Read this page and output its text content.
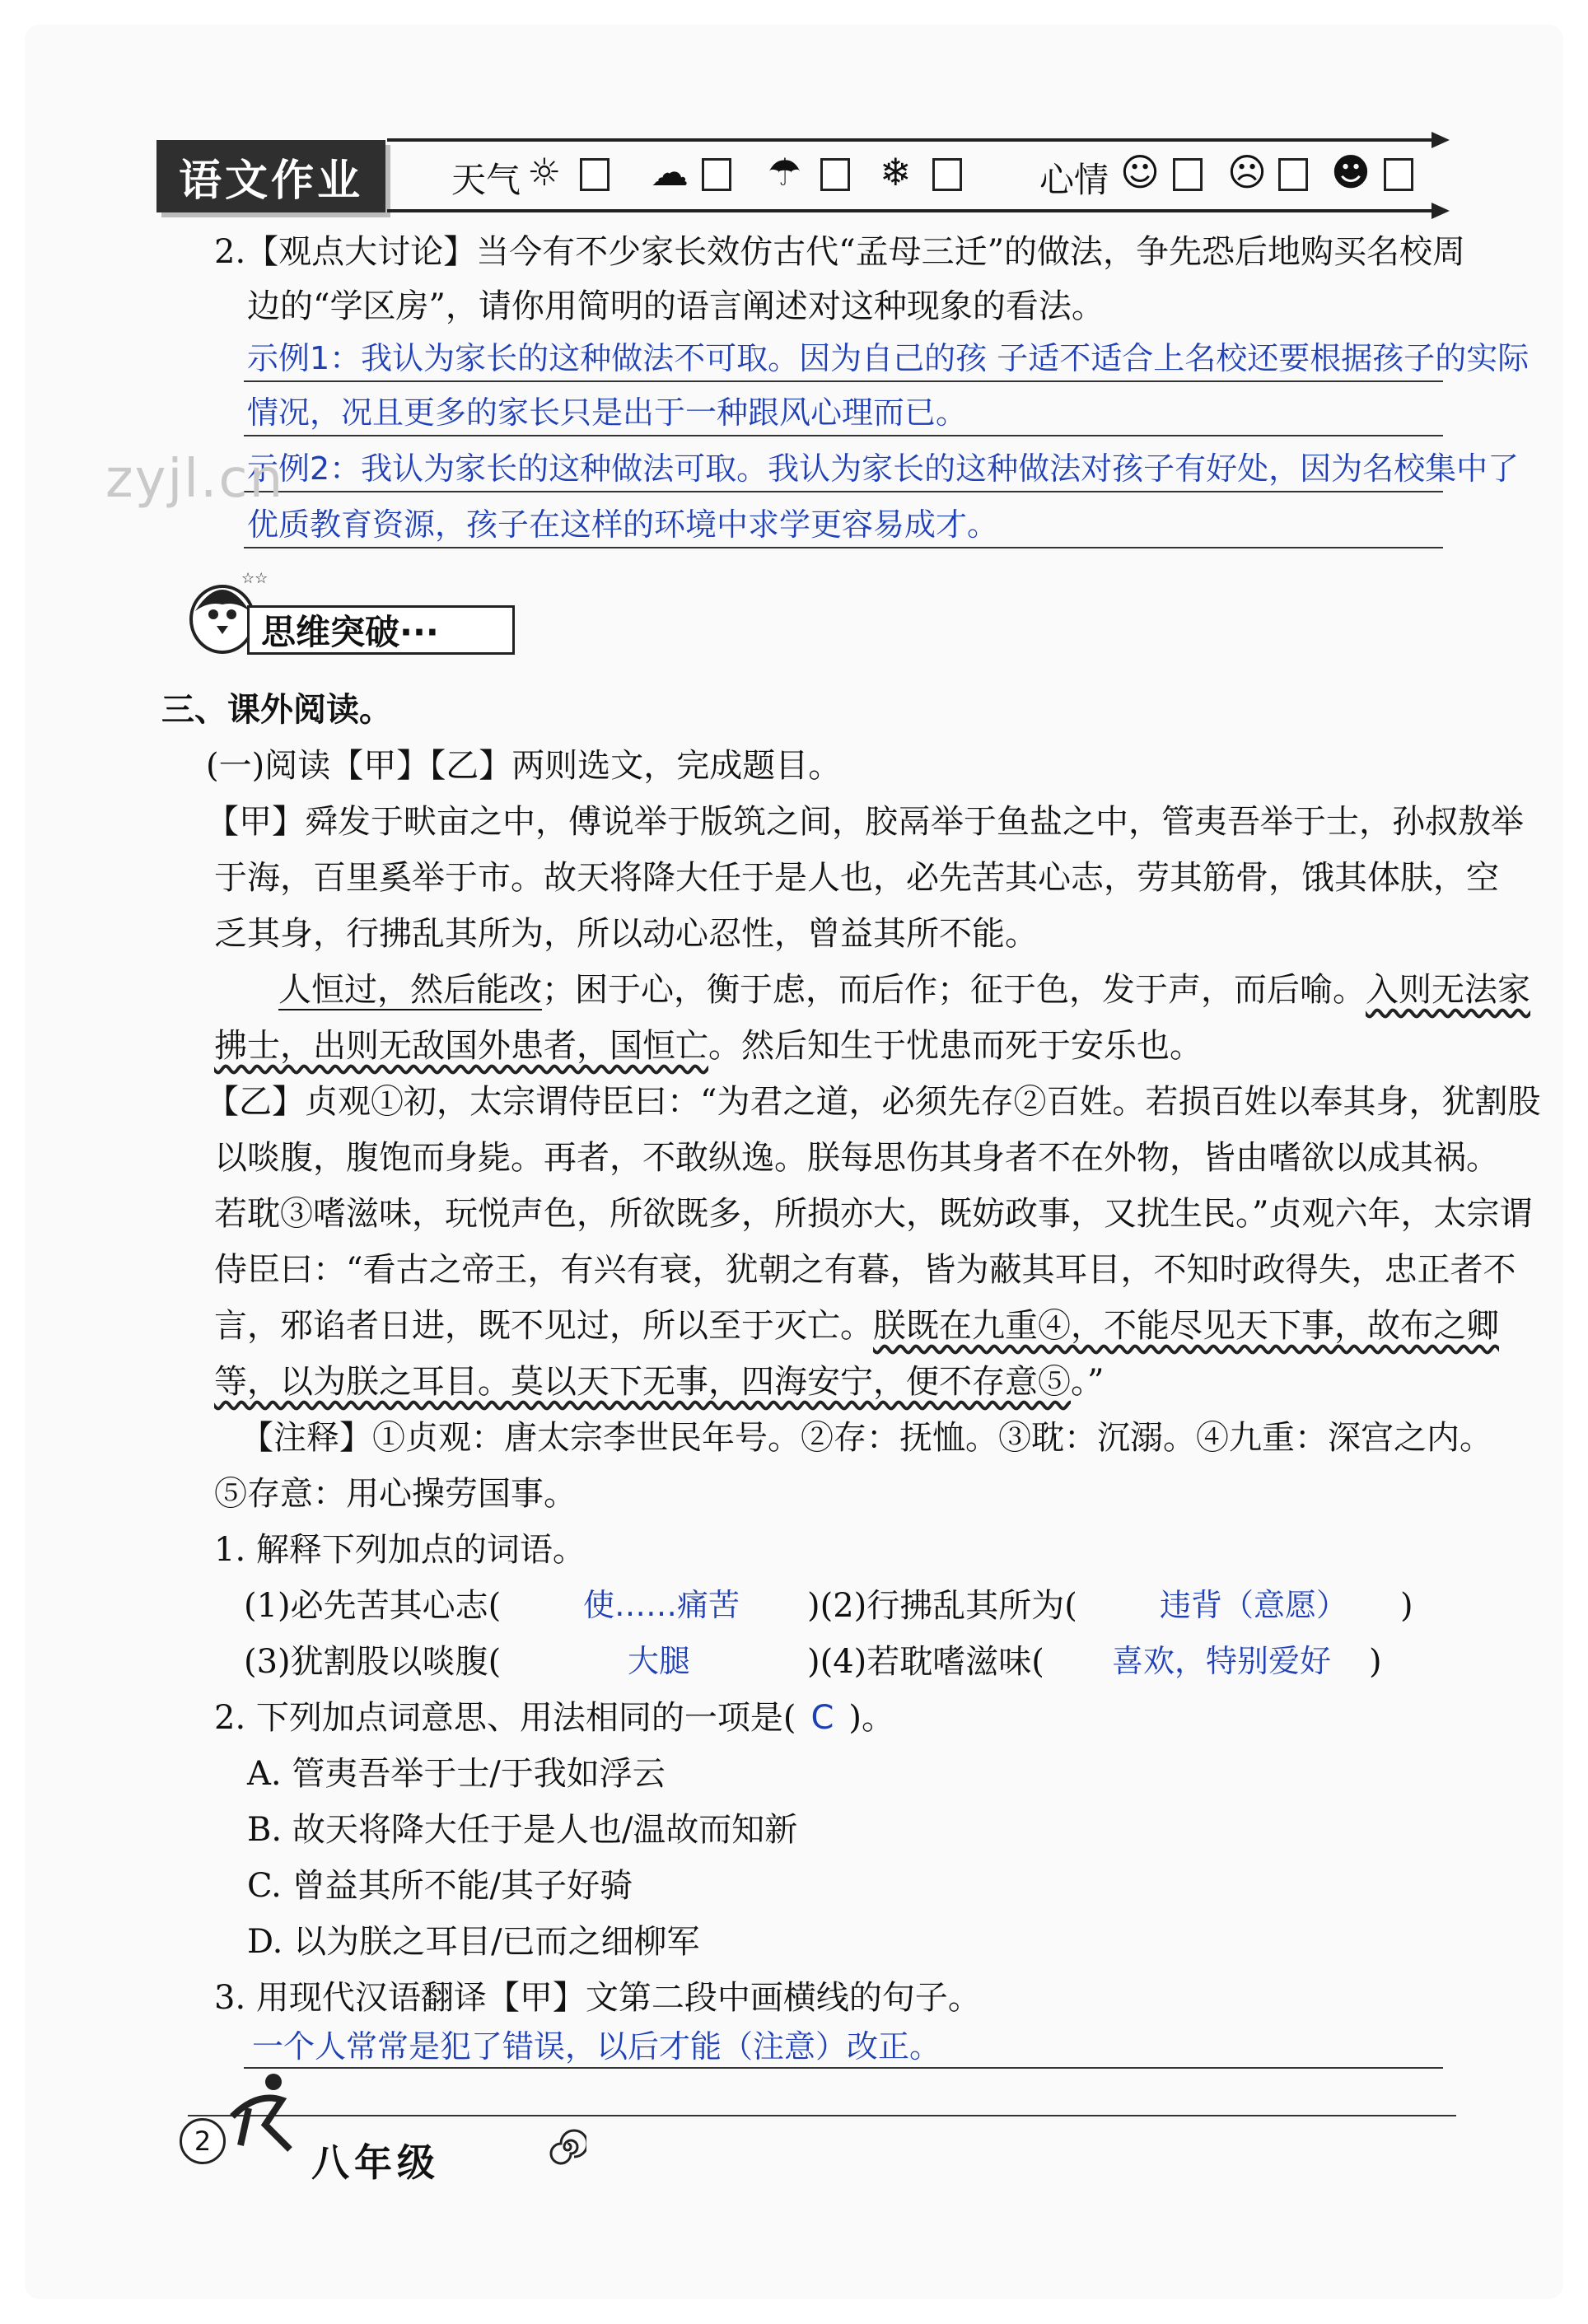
语文作业	天气 ☼ ☁ ☂ ❄	心情 ☺ ☹ ☻
2.【观点大讨论】当今有不少家长效仿古代“孟母三迁”的做法，争先恐后地购买名校周
边的“学区房”，请你用简明的语言阐述对这种现象的看法。
示例1：我认为家长的这种做法不可取。因为自己的孩 子适不适合上名校还要根据孩子的实际
情况，况且更多的家长只是出于一种跟风心理而已。
示例2：我认为家长的这种做法可取。我认为家长的这种做法对孩子有好处，因为名校集中了
优质教育资源，孩子在这样的环境中求学更容易成才。
zyjl.cn
☆☆
思维突破···
三、课外阅读。
(一)阅读【甲】【乙】两则选文，完成题目。
【甲】舜发于畎亩之中，傅说举于版筑之间，胶鬲举于鱼盐之中，管夷吾举于士，孙叔敖举
于海，百里奚举于市。故天将降大任于是人也，必先苦其心志，劳其筋骨，饿其体肤，空
乏其身，行拂乱其所为，所以动心忍性，曾益其所不能。
人恒过，然后能改；困于心，衡于虑，而后作；征于色，发于声，而后喻。入则无法家
拂士，出则无敌国外患者，国恒亡。然后知生于忧患而死于安乐也。
【乙】贞观①初，太宗谓侍臣曰：“为君之道，必须先存②百姓。若损百姓以奉其身，犹割股
以啖腹，腹饱而身毙。再者，不敢纵逸。朕每思伤其身者不在外物，皆由嗜欲以成其祸。
若耽③嗜滋味，玩悦声色，所欲既多，所损亦大，既妨政事，又扰生民。”贞观六年，太宗谓
侍臣曰：“看古之帝王，有兴有衰，犹朝之有暮，皆为蔽其耳目，不知时政得失，忠正者不
言，邪谄者日进，既不见过，所以至于灭亡。朕既在九重④，不能尽见天下事，故布之卿
等，以为朕之耳目。莫以天下无事，四海安宁，便不存意⑤。”
【注释】①贞观：唐太宗李世民年号。②存：抚恤。③耽：沉溺。④九重：深宫之内。
⑤存意：用心操劳国事。
1. 解释下列加点的词语。
(1)必先苦其心志(	使……痛苦 )(2)行拂乱其所为(	违背（意愿） )
(3)犹割股以啖腹(	大腿	)(4)若耽嗜滋味( 喜欢，特别爱好 )
2. 下列加点词意思、用法相同的一项是( C )。
A. 管夷吾举于士/于我如浮云
B. 故天将降大任于是人也/温故而知新
C. 曾益其所不能/其子好骑
D. 以为朕之耳目/已而之细柳军
3. 用现代汉语翻译【甲】文第二段中画横线的句子。
一个人常常是犯了错误，以后才能（注意）改正。
2	八年级
